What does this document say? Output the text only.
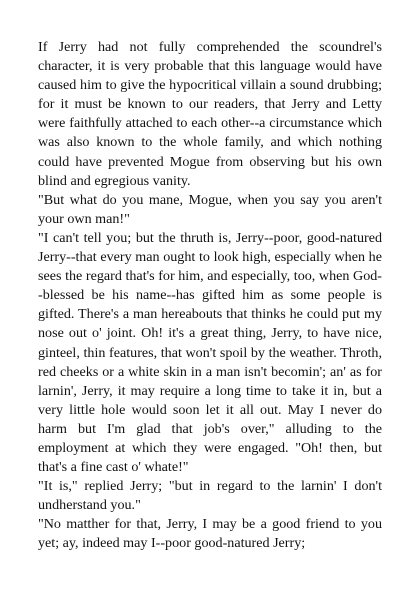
If Jerry had not fully comprehended the scoundrel's character, it is very probable that this language would have caused him to give the hypocritical villain a sound drubbing; for it must be known to our readers, that Jerry and Letty were faithfully attached to each other--a circumstance which was also known to the whole family, and which nothing could have prevented Mogue from observing but his own blind and egregious vanity.

"But what do you mane, Mogue, when you say you aren't your own man!"

"I can't tell you; but the thruth is, Jerry--poor, good-natured Jerry--that every man ought to look high, especially when he sees the regard that's for him, and especially, too, when God--blessed be his name--has gifted him as some people is gifted. There's a man hereabouts that thinks he could put my nose out o' joint. Oh! it's a great thing, Jerry, to have nice, ginteel, thin features, that won't spoil by the weather. Throth, red cheeks or a white skin in a man isn't becomin'; an' as for larnin', Jerry, it may require a long time to take it in, but a very little hole would soon let it all out. May I never do harm but I'm glad that job's over," alluding to the employment at which they were engaged. "Oh! then, but that's a fine cast o' whate!"

"It is," replied Jerry; "but in regard to the larnin' I don't undherstand you."

"No matther for that, Jerry, I may be a good friend to you yet; ay, indeed may I--poor good-natured Jerry;
